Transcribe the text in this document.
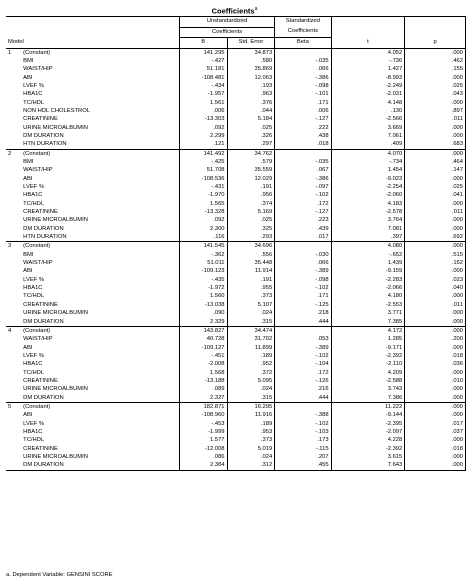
Coefficients$^a$
		Unstandardized		Standardized		
		Coefficients		Coefficients		
Model		B	Std. Error	Beta	t	p
1	(Constant)	141.295	34.873		4.052	.000
	BMI	-.427	.580	-.035	-.736	.462
	WAIST/HIP	51.181	35.869	.066	1.427	.155
	ABI	-108.481	12.063	-.386	-8.993	.000
	LVEF %	-.434	.193	-.098	-2.249	.025
	HBA1C	-1.957	.963	-.101	-2.031	.043
	TC/HDL	1.561	.376	.171	4.148	.000
	NON HDL CHOLESTROL	.006	.044	.006	.130	.897
	CREATININE	-13.303	5.184	-.127	-2.566	.011
	URINE MICROALBUMIN	.092	.025	.222	3.669	.000
	DM DURATION	2.299	.326	.438	7.061	.000
	HTN DURATION	.121	.297	.018	.409	.683
2	(Constant)	141.492	34.762		4.070	.000
	BMI	-.425	.579	-.035	-.734	.464
	WAIST/HIP	51.708	35.559	.067	1.454	.147
	ABI	-108.536	12.029	-.386	-9.023	.000
	LVEF %	-.431	.191	-.097	-2.254	.025
	HBA1C	-1.970	.956	-.102	-2.060	.041
	TC/HDL	1.565	.374	.172	4.183	.000
	CREATININE	-13.328	5.169	-.127	-2.578	.011
	URINE MICROALBUMIN	.092	.025	.223	3.764	.000
	DM DURATION	2.300	.325	.439	7.081	.000
	HTN DURATION	.116	.293	.017	.397	.692
3	(Constant)	141.545	34.696		4.080	.000
	BMI	-.362	.556	-.030	-.652	.515
	WAIST/HIP	51.011	35.448	.066	1.439	.152
	ABI	-109.123	11.914	-.389	-9.159	.000
	LVEF %	-.435	.191	-.098	-2.283	.023
	HBA1C	-1.972	.955	-.102	-2.066	.040
	TC/HDL	1.560	.373	.171	4.180	.000
	CREATININE	-13.038	5.107	-.125	-2.553	.011
	URINE MICROALBUMIN	.090	.024	.218	3.771	.000
	DM DURATION	2.329	.315	.444	7.385	.000
4	(Constant)	143.827	34.474		4.172	.000
	WAIST/HIP	40.728	31.702	.053	1.285	.200
	ABI	-109.127	11.899	-.389	-9.171	.000
	LVEF %	-.451	.189	-.102	-2.392	.018
	HBA1C	-2.008	.952	-.104	-2.110	.036
	TC/HDL	1.568	.372	.172	4.209	.000
	CREATININE	-13.188	5.095	-.126	-2.588	.010
	URINE MICROALBUMIN	.089	.024	.216	3.743	.000
	DM DURATION	2.327	.315	.444	7.386	.000
5	(Constant)	182.871	16.295		11.222	.000
	ABI	-108.960	11.916	-.388	-9.144	.000
	LVEF %	-.453	.189	-.102	-2.395	.017
	HBA1C	-1.999	.953	-.103	-2.097	.037
	TC/HDL	1.577	.373	.173	4.228	.000
	CREATININE	-12.008	5.019	-.115	-2.392	.018
	URINE MICROALBUMIN	.086	.024	.207	3.615	.000
	DM DURATION	2.384	.312	.455	7.643	.000
a. Dependent Variable: GENSINI SCORE
